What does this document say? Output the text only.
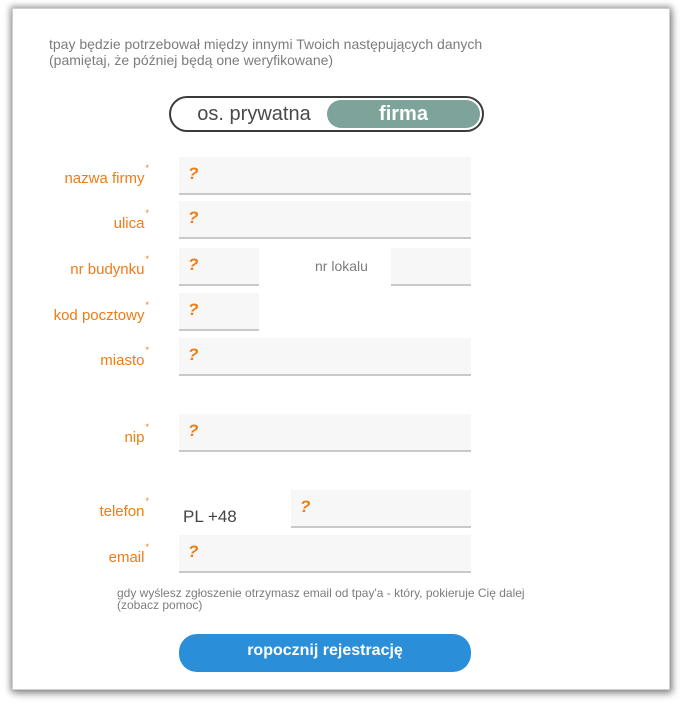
tpay będzie potrzebował między innymi Twoich następujących danych
(pamiętaj, że później będą one weryfikowane)
os. prywatna	firma
nazwa firmy* ?
ulica* ?
nr budynku* ?	nr lokalu
kod pocztowy* ?
miasto* ?
nip* ?
telefon*
PL +48
?
email* ?
gdy wyślesz zgłoszenie otrzymasz email od tpay'a - który, pokieruje Cię dalej
(zobacz pomoc)
ropocznij rejestrację
